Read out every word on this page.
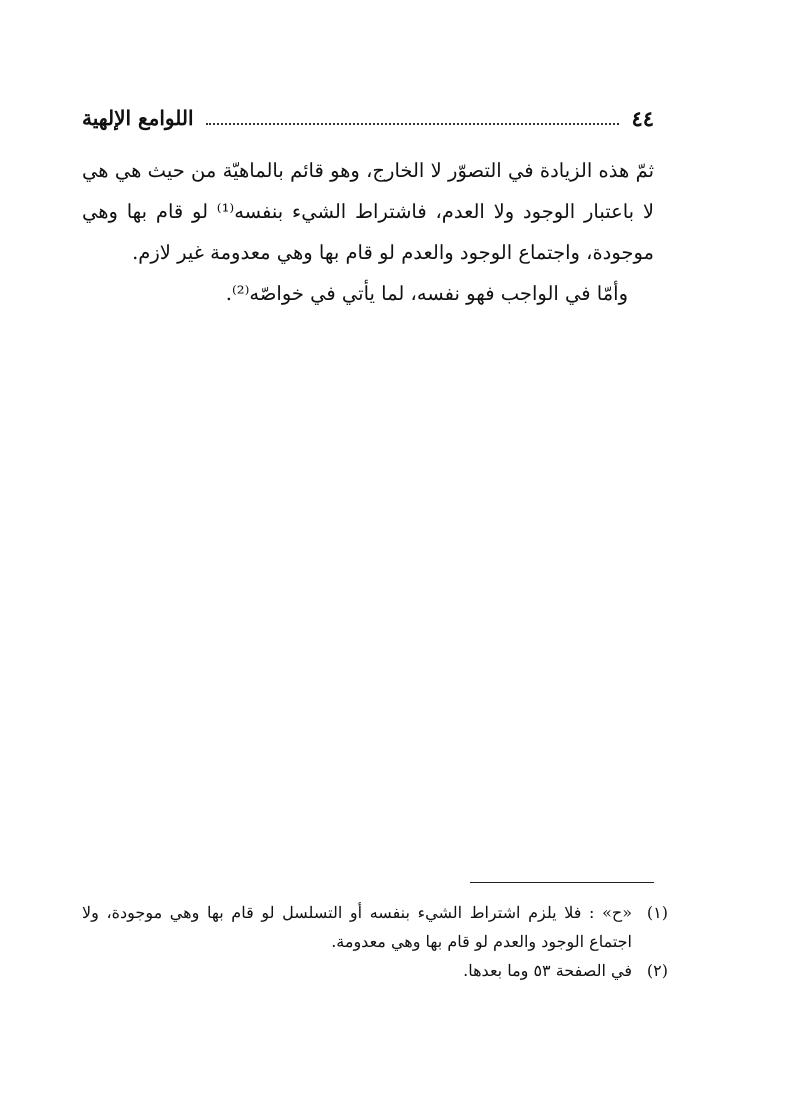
٤٤
اللوامع الإلهية

ثمّ هذه الزيادة في التصوّر لا الخارج، وهو قائم بالماهيّة من حيث هي هي لا باعتبار الوجود ولا العدم، فاشتراط الشيء بنفسه⁽¹⁾ لو قام بها وهي موجودة، واجتماع الوجود والعدم لو قام بها وهي معدومة غير لازم.

وأمّا في الواجب فهو نفسه، لما يأتي في خواصّه⁽²⁾.

(١)
«ح» : فلا يلزم اشتراط الشيء بنفسه أو التسلسل لو قام بها وهي موجودة، ولا اجتماع الوجود والعدم لو قام بها وهي معدومة.
(٢)
في الصفحة ٥٣ وما بعدها.
